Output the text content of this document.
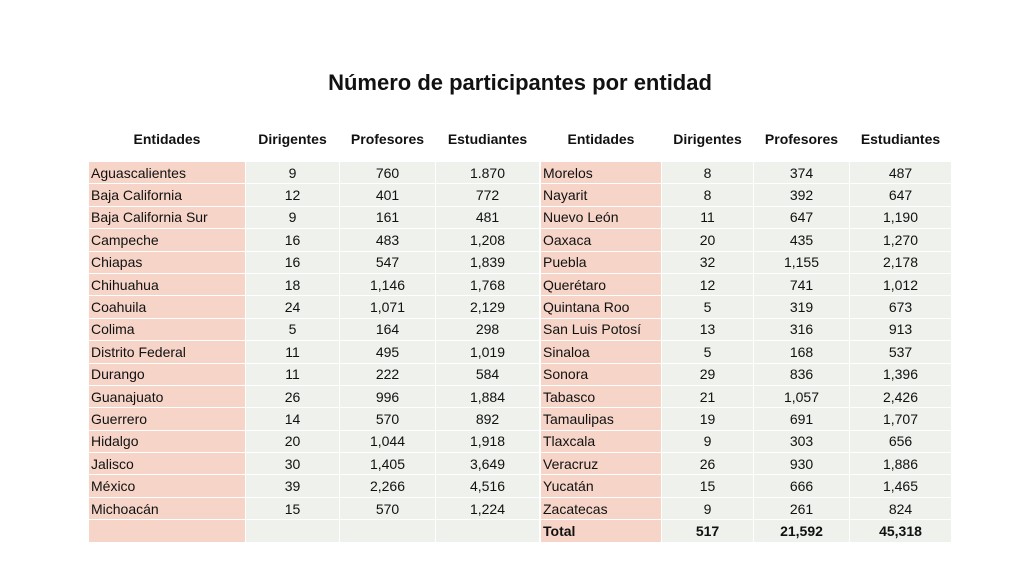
Número de participantes por entidad
Entidades	Dirigentes	Profesores	Estudiantes
Aguascalientes	9	760	1.870
Baja California	12	401	772
Baja California Sur	9	161	481
Campeche	16	483	1,208
Chiapas	16	547	1,839
Chihuahua	18	1,146	1,768
Coahuila	24	1,071	2,129
Colima	5	164	298
Distrito Federal	11	495	1,019
Durango	11	222	584
Guanajuato	26	996	1,884
Guerrero	14	570	892
Hidalgo	20	1,044	1,918
Jalisco	30	1,405	3,649
México	39	2,266	4,516
Michoacán	15	570	1,224

Entidades	Dirigentes	Profesores	Estudiantes
Morelos	8	374	487
Nayarit	8	392	647
Nuevo León	11	647	1,190
Oaxaca	20	435	1,270
Puebla	32	1,155	2,178
Querétaro	12	741	1,012
Quintana Roo	5	319	673
San Luis Potosí	13	316	913
Sinaloa	5	168	537
Sonora	29	836	1,396
Tabasco	21	1,057	2,426
Tamaulipas	19	691	1,707
Tlaxcala	9	303	656
Veracruz	26	930	1,886
Yucatán	15	666	1,465
Zacatecas	9	261	824
Total	517	21,592	45,318
